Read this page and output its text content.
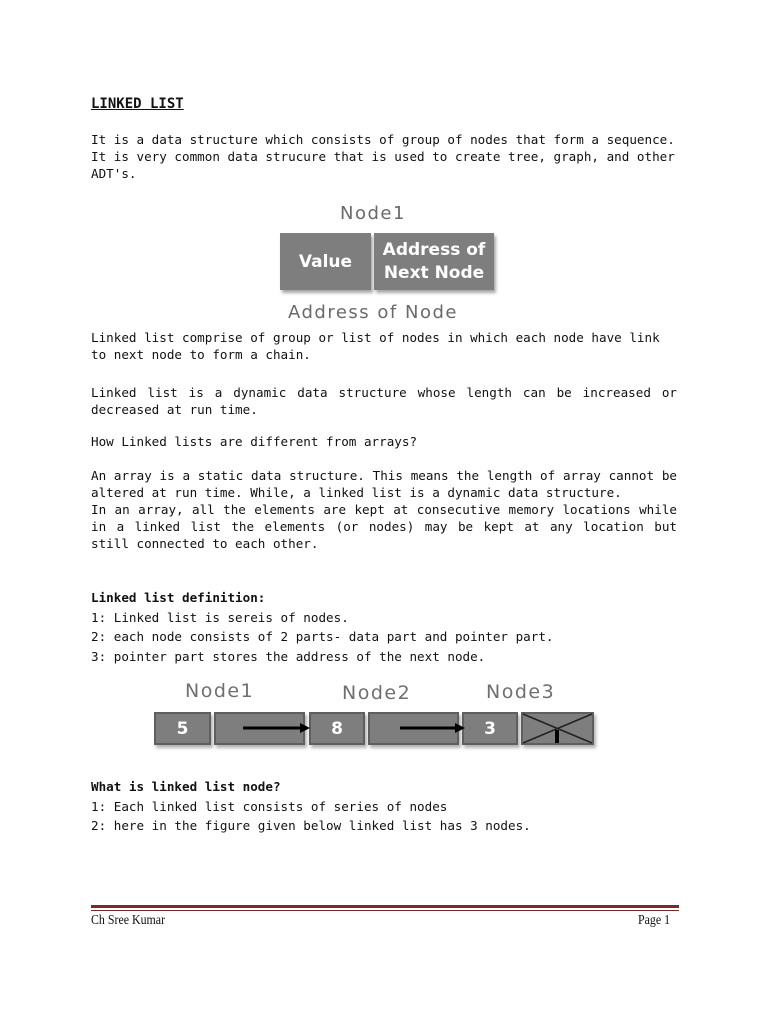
LINKED LIST
It is a data structure which consists of group of nodes that form a sequence.
It is very common data strucure that is used to create tree, graph, and other
ADT's.
Node1
Value
Address of
Next Node
Address of Node
Linked list comprise of group or list of nodes in which each node have link
to next node to form a chain.
Linked list is a dynamic data structure whose length can be increased or
decreased at run time.
How Linked lists are different from arrays?
An array is a static data structure. This means the length of array cannot be
altered at run time. While, a linked list is a dynamic data structure.
In an array, all the elements are kept at consecutive memory locations while
in a linked list the elements (or nodes) may be kept at any location but
still connected to each other.
Linked list definition:
1: Linked list is sereis of nodes.
2: each node consists of 2 parts- data part and pointer part.
3: pointer part stores the address of the next node.
Node1	Node2	Node3
5	8	3
What is linked list node?
1: Each linked list consists of series of nodes
2: here in the figure given below linked list has 3 nodes.
Ch Sree Kumar	Page 1
